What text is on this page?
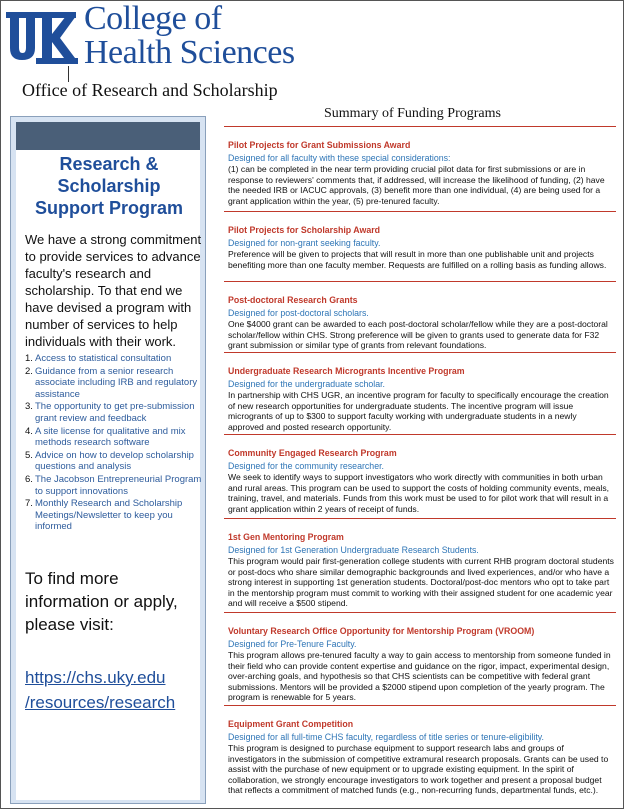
College of
Health Sciences
Office of Research and Scholarship
Summary of Funding Programs
Research &
Scholarship
Support Program
We have a strong commitment to provide services to advance faculty's research and scholarship. To that end we have devised a program with number of services to help individuals with their work.
1. Access to statistical consultation
2. Guidance from a senior research associate including IRB and regulatory assistance
3. The opportunity to get pre-submission grant review and feedback
4. A site license for qualitative and mix methods research software
5. Advice on how to develop scholarship questions and analysis
6. The Jacobson Entrepreneurial Program to support innovations
7. Monthly Research and Scholarship Meetings/Newsletter to keep you informed
To find more information or apply, please visit:
https://chs.uky.edu
/resources/research
Pilot Projects for Grant Submissions Award
Designed for all faculty with these special considerations:
(1) can be completed in the near term providing crucial pilot data for first submissions or are in response to reviewers' comments that, if addressed, will increase the likelihood of funding, (2) have the needed IRB or IACUC approvals, (3) benefit more than one individual, (4) are being used for a grant application within the year, (5) pre-tenured faculty.
Pilot Projects for Scholarship Award
Designed for non-grant seeking faculty.
Preference will be given to projects that will result in more than one publishable unit and projects benefiting more than one faculty member. Requests are fulfilled on a rolling basis as funding allows.
Post-doctoral Research Grants
Designed for post-doctoral scholars.
One $4000 grant can be awarded to each post-doctoral scholar/fellow while they are a post-doctoral scholar/fellow within CHS. Strong preference will be given to grants used to generate data for F32 grant submission or similar type of grants from relevant foundations.
Undergraduate Research Microgrants Incentive Program
Designed for the undergraduate scholar.
In partnership with CHS UGR, an incentive program for faculty to specifically encourage the creation of new research opportunities for undergraduate students. The incentive program will issue microgrants of up to $300 to support faculty working with undergraduate students in a newly approved and posted research opportunity.
Community Engaged Research Program
Designed for the community researcher.
We seek to identify ways to support investigators who work directly with communities in both urban and rural areas. This program can be used to support the costs of holding community events, meals, training, travel, and materials. Funds from this work must be used to for pilot work that will result in a grant application within 2 years of receipt of funds.
1st Gen Mentoring Program
Designed for 1st Generation Undergraduate Research Students.
This program would pair first-generation college students with current RHB program doctoral students or post-docs who share similar demographic backgrounds and lived experiences, and/or who have a strong interest in supporting 1st generation students. Doctoral/post-doc mentors who opt to take part in the mentorship program must commit to working with their assigned student for one academic year and will receive a $500 stipend.
Voluntary Research Office Opportunity for Mentorship Program (VROOM)
Designed for Pre-Tenure Faculty.
This program allows pre-tenured faculty a way to gain access to mentorship from someone funded in their field who can provide content expertise and guidance on the rigor, impact, experimental design, over-arching goals, and hypothesis so that CHS scientists can be competitive with federal grant submissions. Mentors will be provided a $2000 stipend upon completion of the yearly program. The program is renewable for 5 years.
Equipment Grant Competition
Designed for all full-time CHS faculty, regardless of title series or tenure-eligibility.
This program is designed to purchase equipment to support research labs and groups of investigators in the submission of competitive extramural research proposals. Grants can be used to assist with the purchase of new equipment or to upgrade existing equipment. In the spirit of collaboration, we strongly encourage investigators to work together and present a proposal budget that reflects a commitment of matched funds (e.g., non-recurring funds, departmental funds, etc.).
